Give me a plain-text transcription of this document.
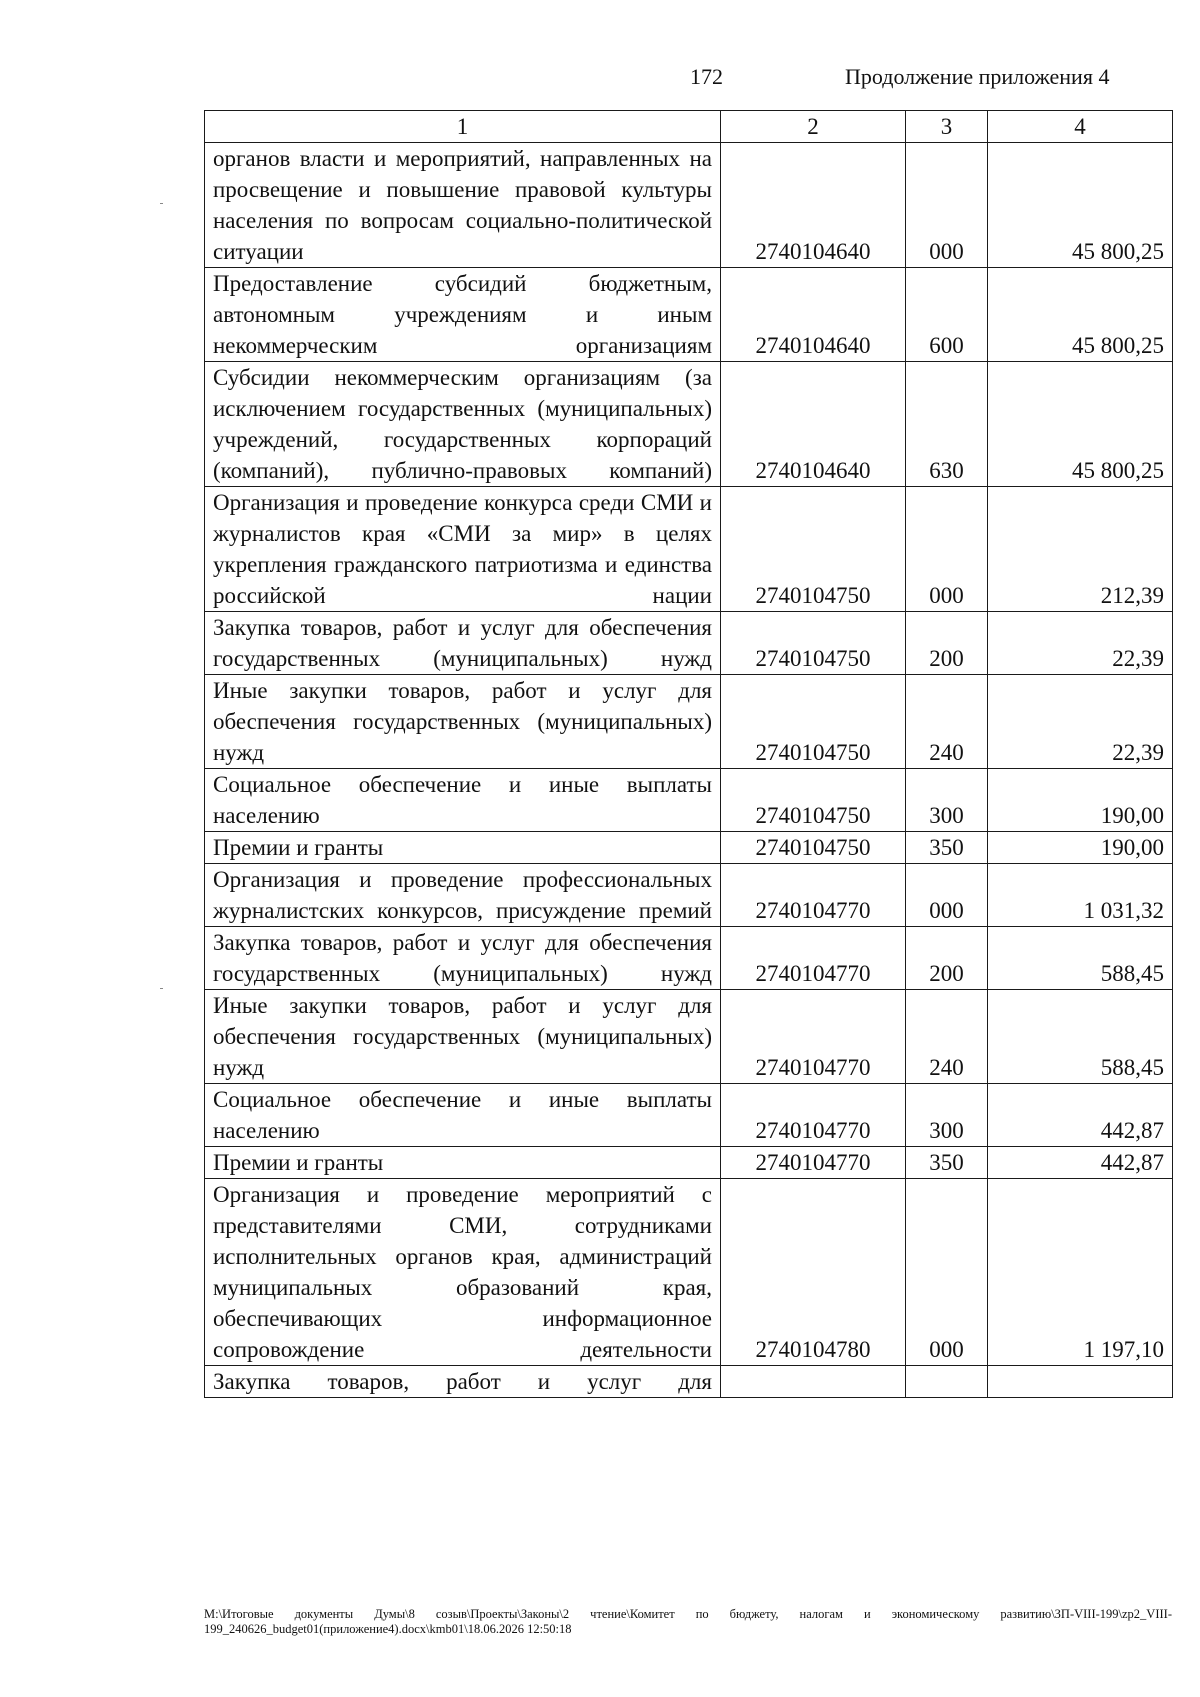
172	Продолжение приложения 4
1	2	3	4
органов власти и мероприятий, направленных на просвещение и повышение правовой культуры населения по вопросам социально-политической ситуации	2740104640	000	45 800,25
Предоставление субсидий бюджетным, автономным учреждениям и иным некоммерческим организациям	2740104640	600	45 800,25
Субсидии некоммерческим организациям (за исключением государственных (муниципальных) учреждений, государственных корпораций (компаний), публично-правовых компаний)	2740104640	630	45 800,25
Организация и проведение конкурса среди СМИ и журналистов края «СМИ за мир» в целях укрепления гражданского патриотизма и единства российской нации	2740104750	000	212,39
Закупка товаров, работ и услуг для обеспечения государственных (муниципальных) нужд	2740104750	200	22,39
Иные закупки товаров, работ и услуг для обеспечения государственных (муниципальных) нужд	2740104750	240	22,39
Социальное обеспечение и иные выплаты населению	2740104750	300	190,00
Премии и гранты	2740104750	350	190,00
Организация и проведение профессиональных журналистских конкурсов, присуждение премий	2740104770	000	1 031,32
Закупка товаров, работ и услуг для обеспечения государственных (муниципальных) нужд	2740104770	200	588,45
Иные закупки товаров, работ и услуг для обеспечения государственных (муниципальных) нужд	2740104770	240	588,45
Социальное обеспечение и иные выплаты населению	2740104770	300	442,87
Премии и гранты	2740104770	350	442,87
Организация и проведение мероприятий с представителями СМИ, сотрудниками исполнительных органов края, администраций муниципальных образований края, обеспечивающих информационное сопровождение деятельности	2740104780	000	1 197,10
Закупка товаров, работ и услуг для			
M:\Итоговые документы Думы\8 созыв\Проекты\Законы\2 чтение\Комитет по бюджету, налогам и экономическому развитию\ЗП-VIII-199\zp2_VIII-199_240626_budget01(приложение4).docx\kmb01\18.06.2026 12:50:18
